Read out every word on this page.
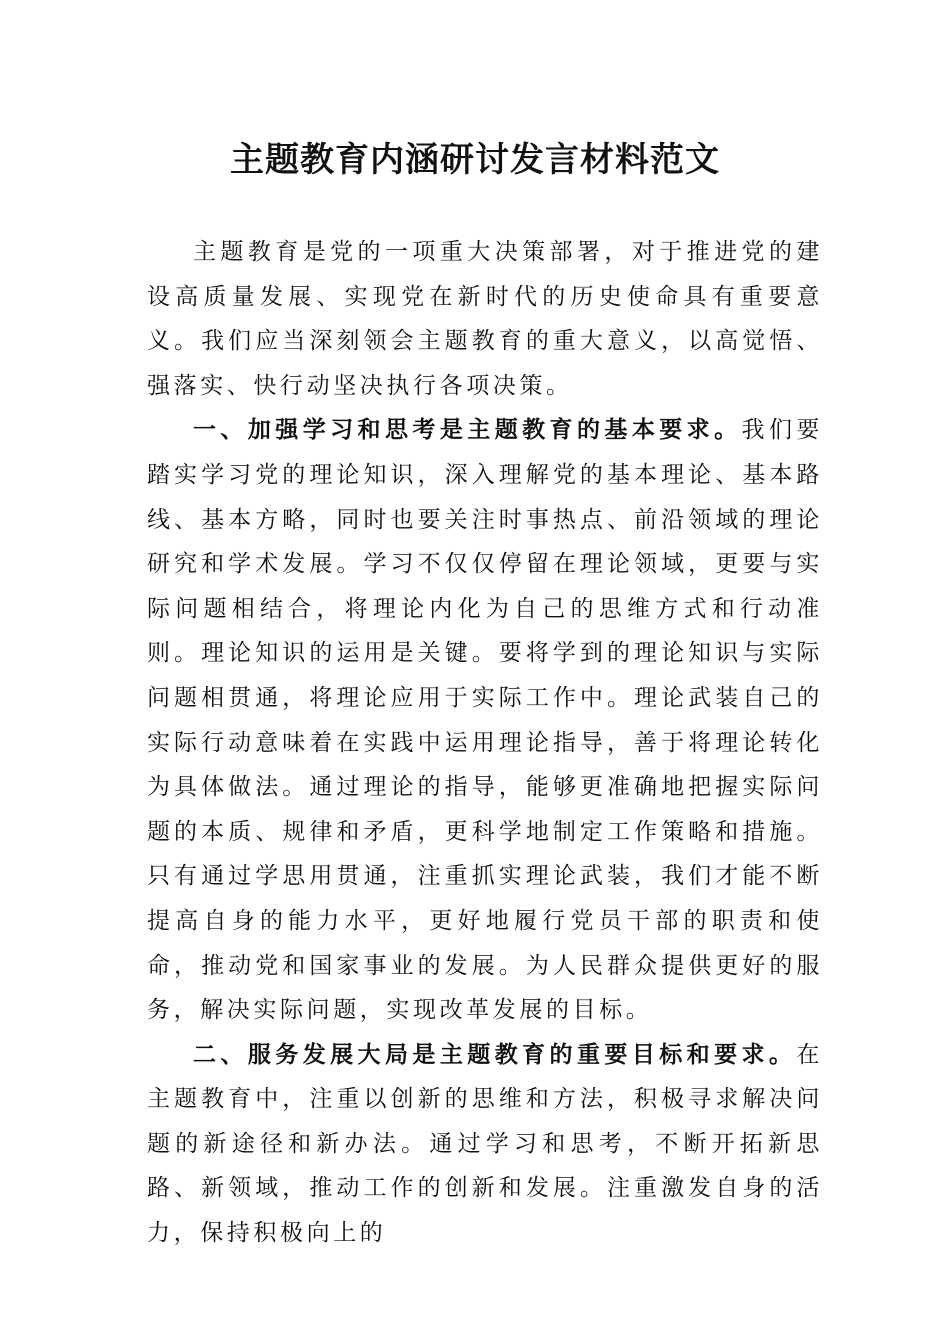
主题教育内涵研讨发言材料范文

主题教育是党的一项重大决策部署，对于推进党的建设高质量发展、实现党在新时代的历史使命具有重要意义。我们应当深刻领会主题教育的重大意义，以高觉悟、强落实、快行动坚决执行各项决策。

一、加强学习和思考是主题教育的基本要求。我们要踏实学习党的理论知识，深入理解党的基本理论、基本路线、基本方略，同时也要关注时事热点、前沿领域的理论研究和学术发展。学习不仅仅停留在理论领域，更要与实际问题相结合，将理论内化为自己的思维方式和行动准则。理论知识的运用是关键。要将学到的理论知识与实际问题相贯通，将理论应用于实际工作中。理论武装自己的实际行动意味着在实践中运用理论指导，善于将理论转化为具体做法。通过理论的指导，能够更准确地把握实际问题的本质、规律和矛盾，更科学地制定工作策略和措施。只有通过学思用贯通，注重抓实理论武装，我们才能不断提高自身的能力水平，更好地履行党员干部的职责和使命，推动党和国家事业的发展。为人民群众提供更好的服务，解决实际问题，实现改革发展的目标。

二、服务发展大局是主题教育的重要目标和要求。在主题教育中，注重以创新的思维和方法，积极寻求解决问题的新途径和新办法。通过学习和思考，不断开拓新思路、新领域，推动工作的创新和发展。注重激发自身的活力，保持积极向上的
